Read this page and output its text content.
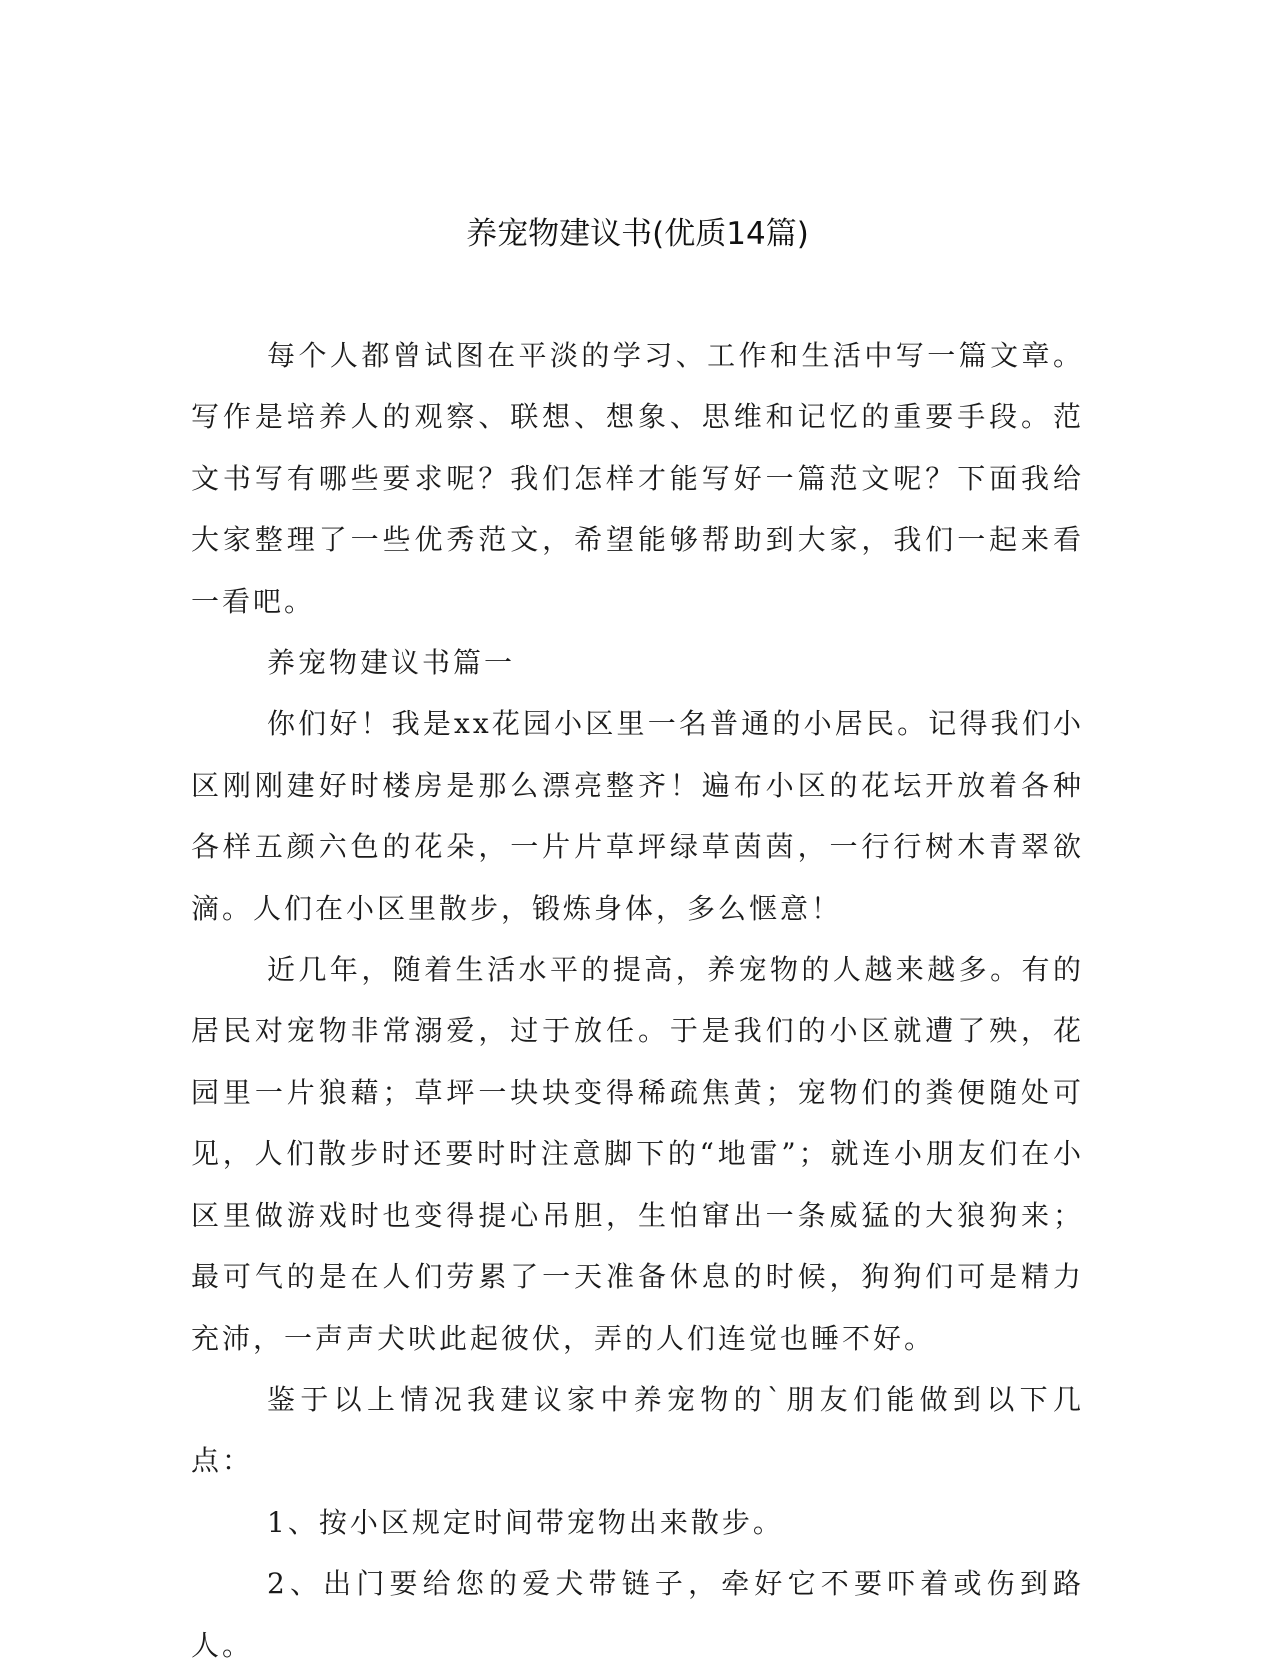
养宠物建议书(优质14篇)

每个人都曾试图在平淡的学习、工作和生活中写一篇文章。写作是培养人的观察、联想、想象、思维和记忆的重要手段。范文书写有哪些要求呢？我们怎样才能写好一篇范文呢？下面我给大家整理了一些优秀范文，希望能够帮助到大家，我们一起来看一看吧。

养宠物建议书篇一

你们好！我是xx花园小区里一名普通的小居民。记得我们小区刚刚建好时楼房是那么漂亮整齐！遍布小区的花坛开放着各种各样五颜六色的花朵，一片片草坪绿草茵茵，一行行树木青翠欲滴。人们在小区里散步，锻炼身体，多么惬意！

近几年，随着生活水平的提高，养宠物的人越来越多。有的居民对宠物非常溺爱，过于放任。于是我们的小区就遭了殃，花园里一片狼藉；草坪一块块变得稀疏焦黄；宠物们的粪便随处可见，人们散步时还要时时注意脚下的“地雷”；就连小朋友们在小区里做游戏时也变得提心吊胆，生怕窜出一条威猛的大狼狗来；最可气的是在人们劳累了一天准备休息的时候，狗狗们可是精力充沛，一声声犬吠此起彼伏，弄的人们连觉也睡不好。

鉴于以上情况我建议家中养宠物的`朋友们能做到以下几点：

1、按小区规定时间带宠物出来散步。

2、出门要给您的爱犬带链子，牵好它不要吓着或伤到路人。
